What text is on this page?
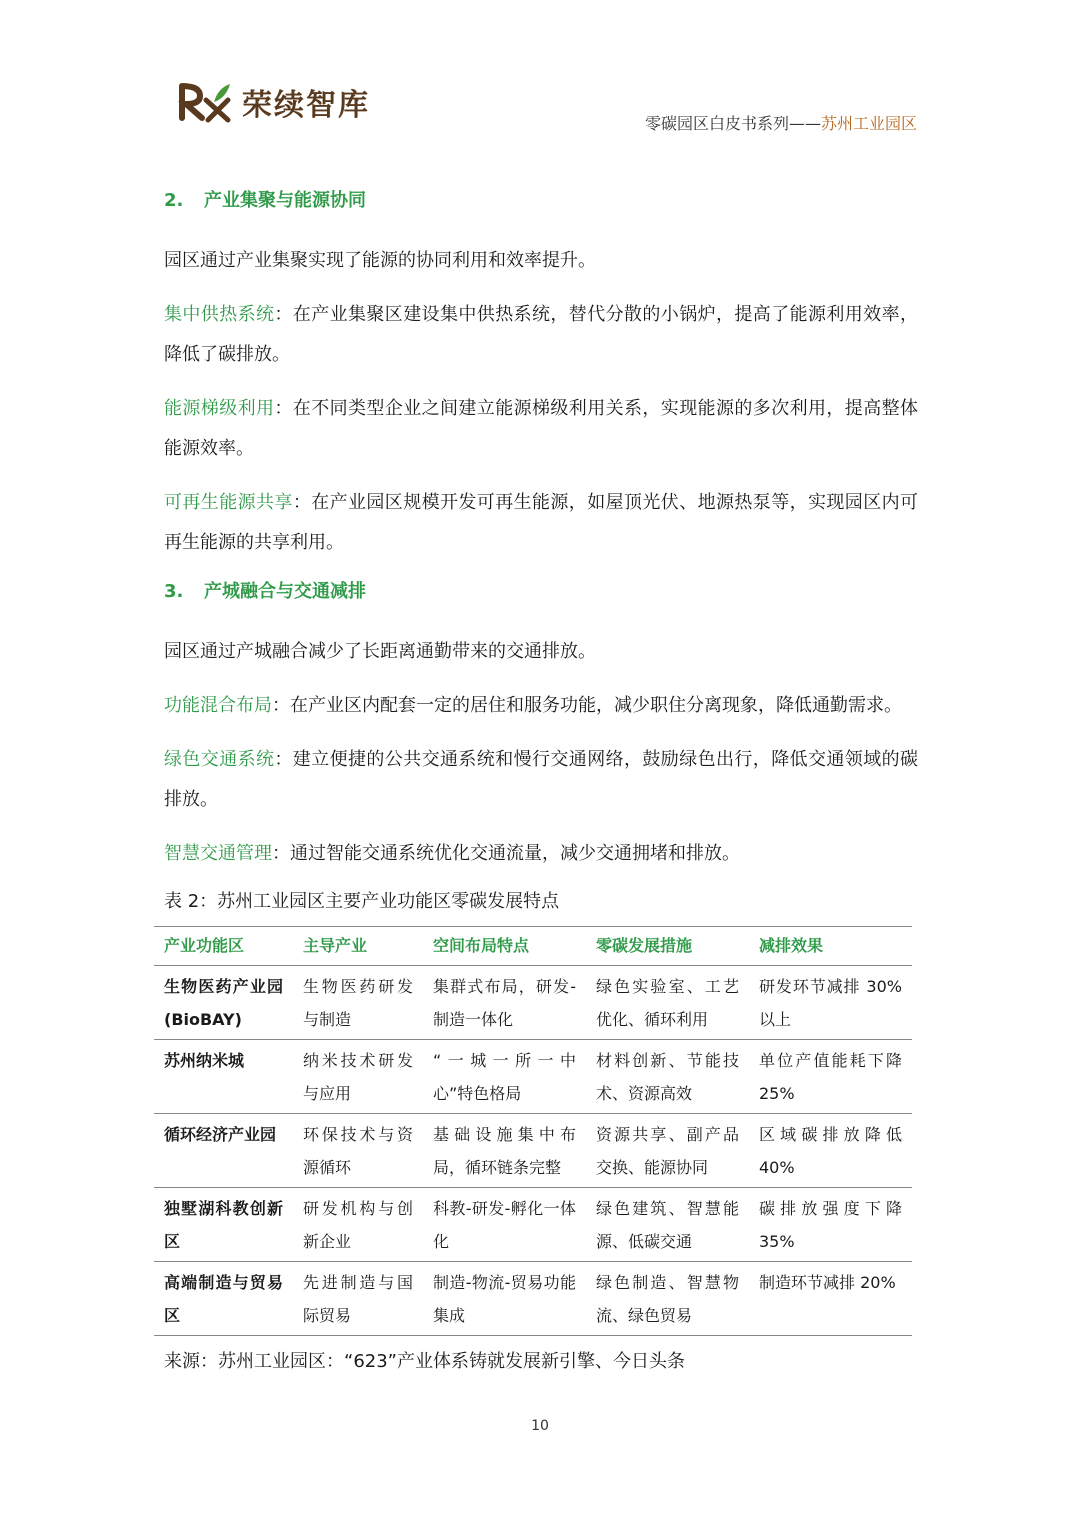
荣续智库
零碳园区白皮书系列——苏州工业园区
2. 产业集聚与能源协同
园区通过产业集聚实现了能源的协同利用和效率提升。
集中供热系统：在产业集聚区建设集中供热系统，替代分散的小锅炉，提高了能源利用效率，降低了碳排放。
能源梯级利用：在不同类型企业之间建立能源梯级利用关系，实现能源的多次利用，提高整体能源效率。
可再生能源共享：在产业园区规模开发可再生能源，如屋顶光伏、地源热泵等，实现园区内可再生能源的共享利用。
3. 产城融合与交通减排
园区通过产城融合减少了长距离通勤带来的交通排放。
功能混合布局：在产业区内配套一定的居住和服务功能，减少职住分离现象，降低通勤需求。
绿色交通系统：建立便捷的公共交通系统和慢行交通网络，鼓励绿色出行，降低交通领域的碳排放。
智慧交通管理：通过智能交通系统优化交通流量，减少交通拥堵和排放。
表 2：苏州工业园区主要产业功能区零碳发展特点
产业功能区	主导产业	空间布局特点	零碳发展措施	减排效果
生物医药产业园(BioBAY)	生物医药研发与制造	集群式布局，研发-制造一体化	绿色实验室、工艺优化、循环利用	研发环节减排 30%以上
苏州纳米城	纳米技术研发与应用	“一城一所一中心”特色格局	材料创新、节能技术、资源高效	单位产值能耗下降25%
循环经济产业园	环保技术与资源循环	基础设施集中布局，循环链条完整	资源共享、副产品交换、能源协同	区域碳排放降低40%
独墅湖科教创新区	研发机构与创新企业	科教-研发-孵化一体化	绿色建筑、智慧能源、低碳交通	碳排放强度下降35%
高端制造与贸易区	先进制造与国际贸易	制造-物流-贸易功能集成	绿色制造、智慧物流、绿色贸易	制造环节减排 20%
来源：苏州工业园区：“623”产业体系铸就发展新引擎、今日头条
10
